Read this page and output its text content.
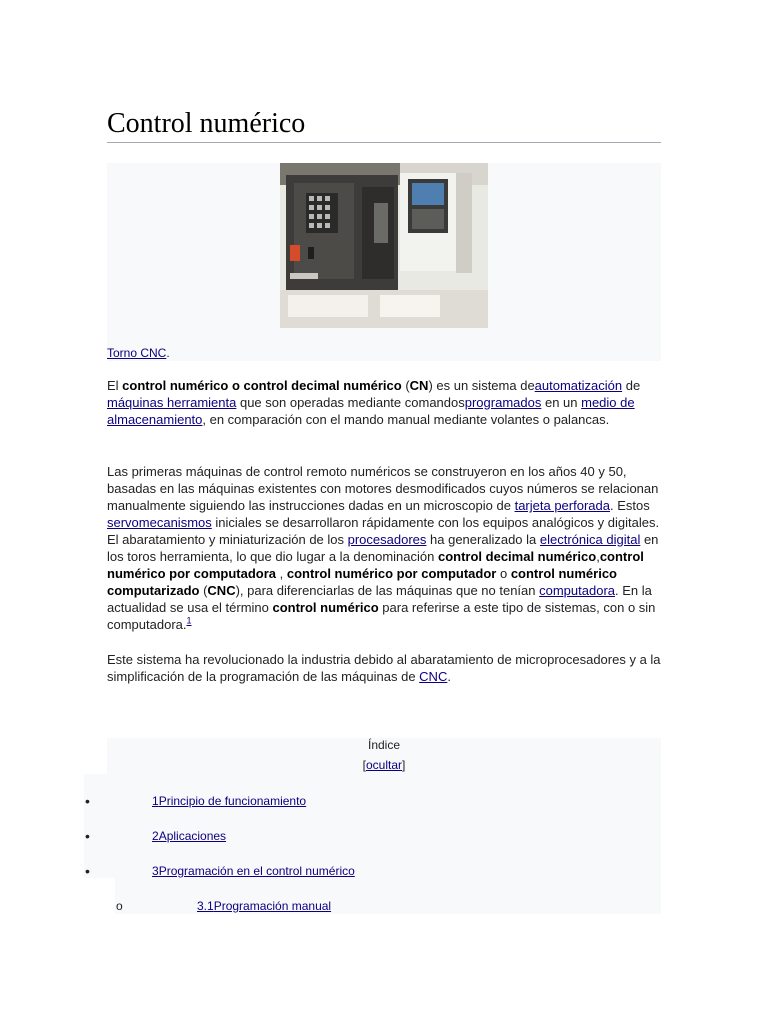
Control numérico
Torno CNC.

El control numérico o control decimal numérico (CN) es un sistema deautomatización de máquinas herramienta que son operadas mediante comandosprogramados en un medio de almacenamiento, en comparación con el mando manual mediante volantes o palancas.

Las primeras máquinas de control remoto numéricos se construyeron en los años 40 y 50, basadas en las máquinas existentes con motores desmodificados cuyos números se relacionan manualmente siguiendo las instrucciones dadas en un microscopio de tarjeta perforada. Estos servomecanismos iniciales se desarrollaron rápidamente con los equipos analógicos y digitales. El abaratamiento y miniaturización de los procesadores ha generalizado la electrónica digital en los toros herramienta, lo que dio lugar a la denominación control decimal numérico,control numérico por computadora , control numérico por computador o control numérico computarizado (CNC), para diferenciarlas de las máquinas que no tenían computadora. En la actualidad se usa el término control numérico para referirse a este tipo de sistemas, con o sin computadora.$^1$

Este sistema ha revolucionado la industria debido al abaratamiento de microprocesadores y a la simplificación de la programación de las máquinas de CNC.

Índice
[ocultar]
•	1Principio de funcionamiento
•	2Aplicaciones
•	3Programación en el control numérico
o	3.1Programación manual
